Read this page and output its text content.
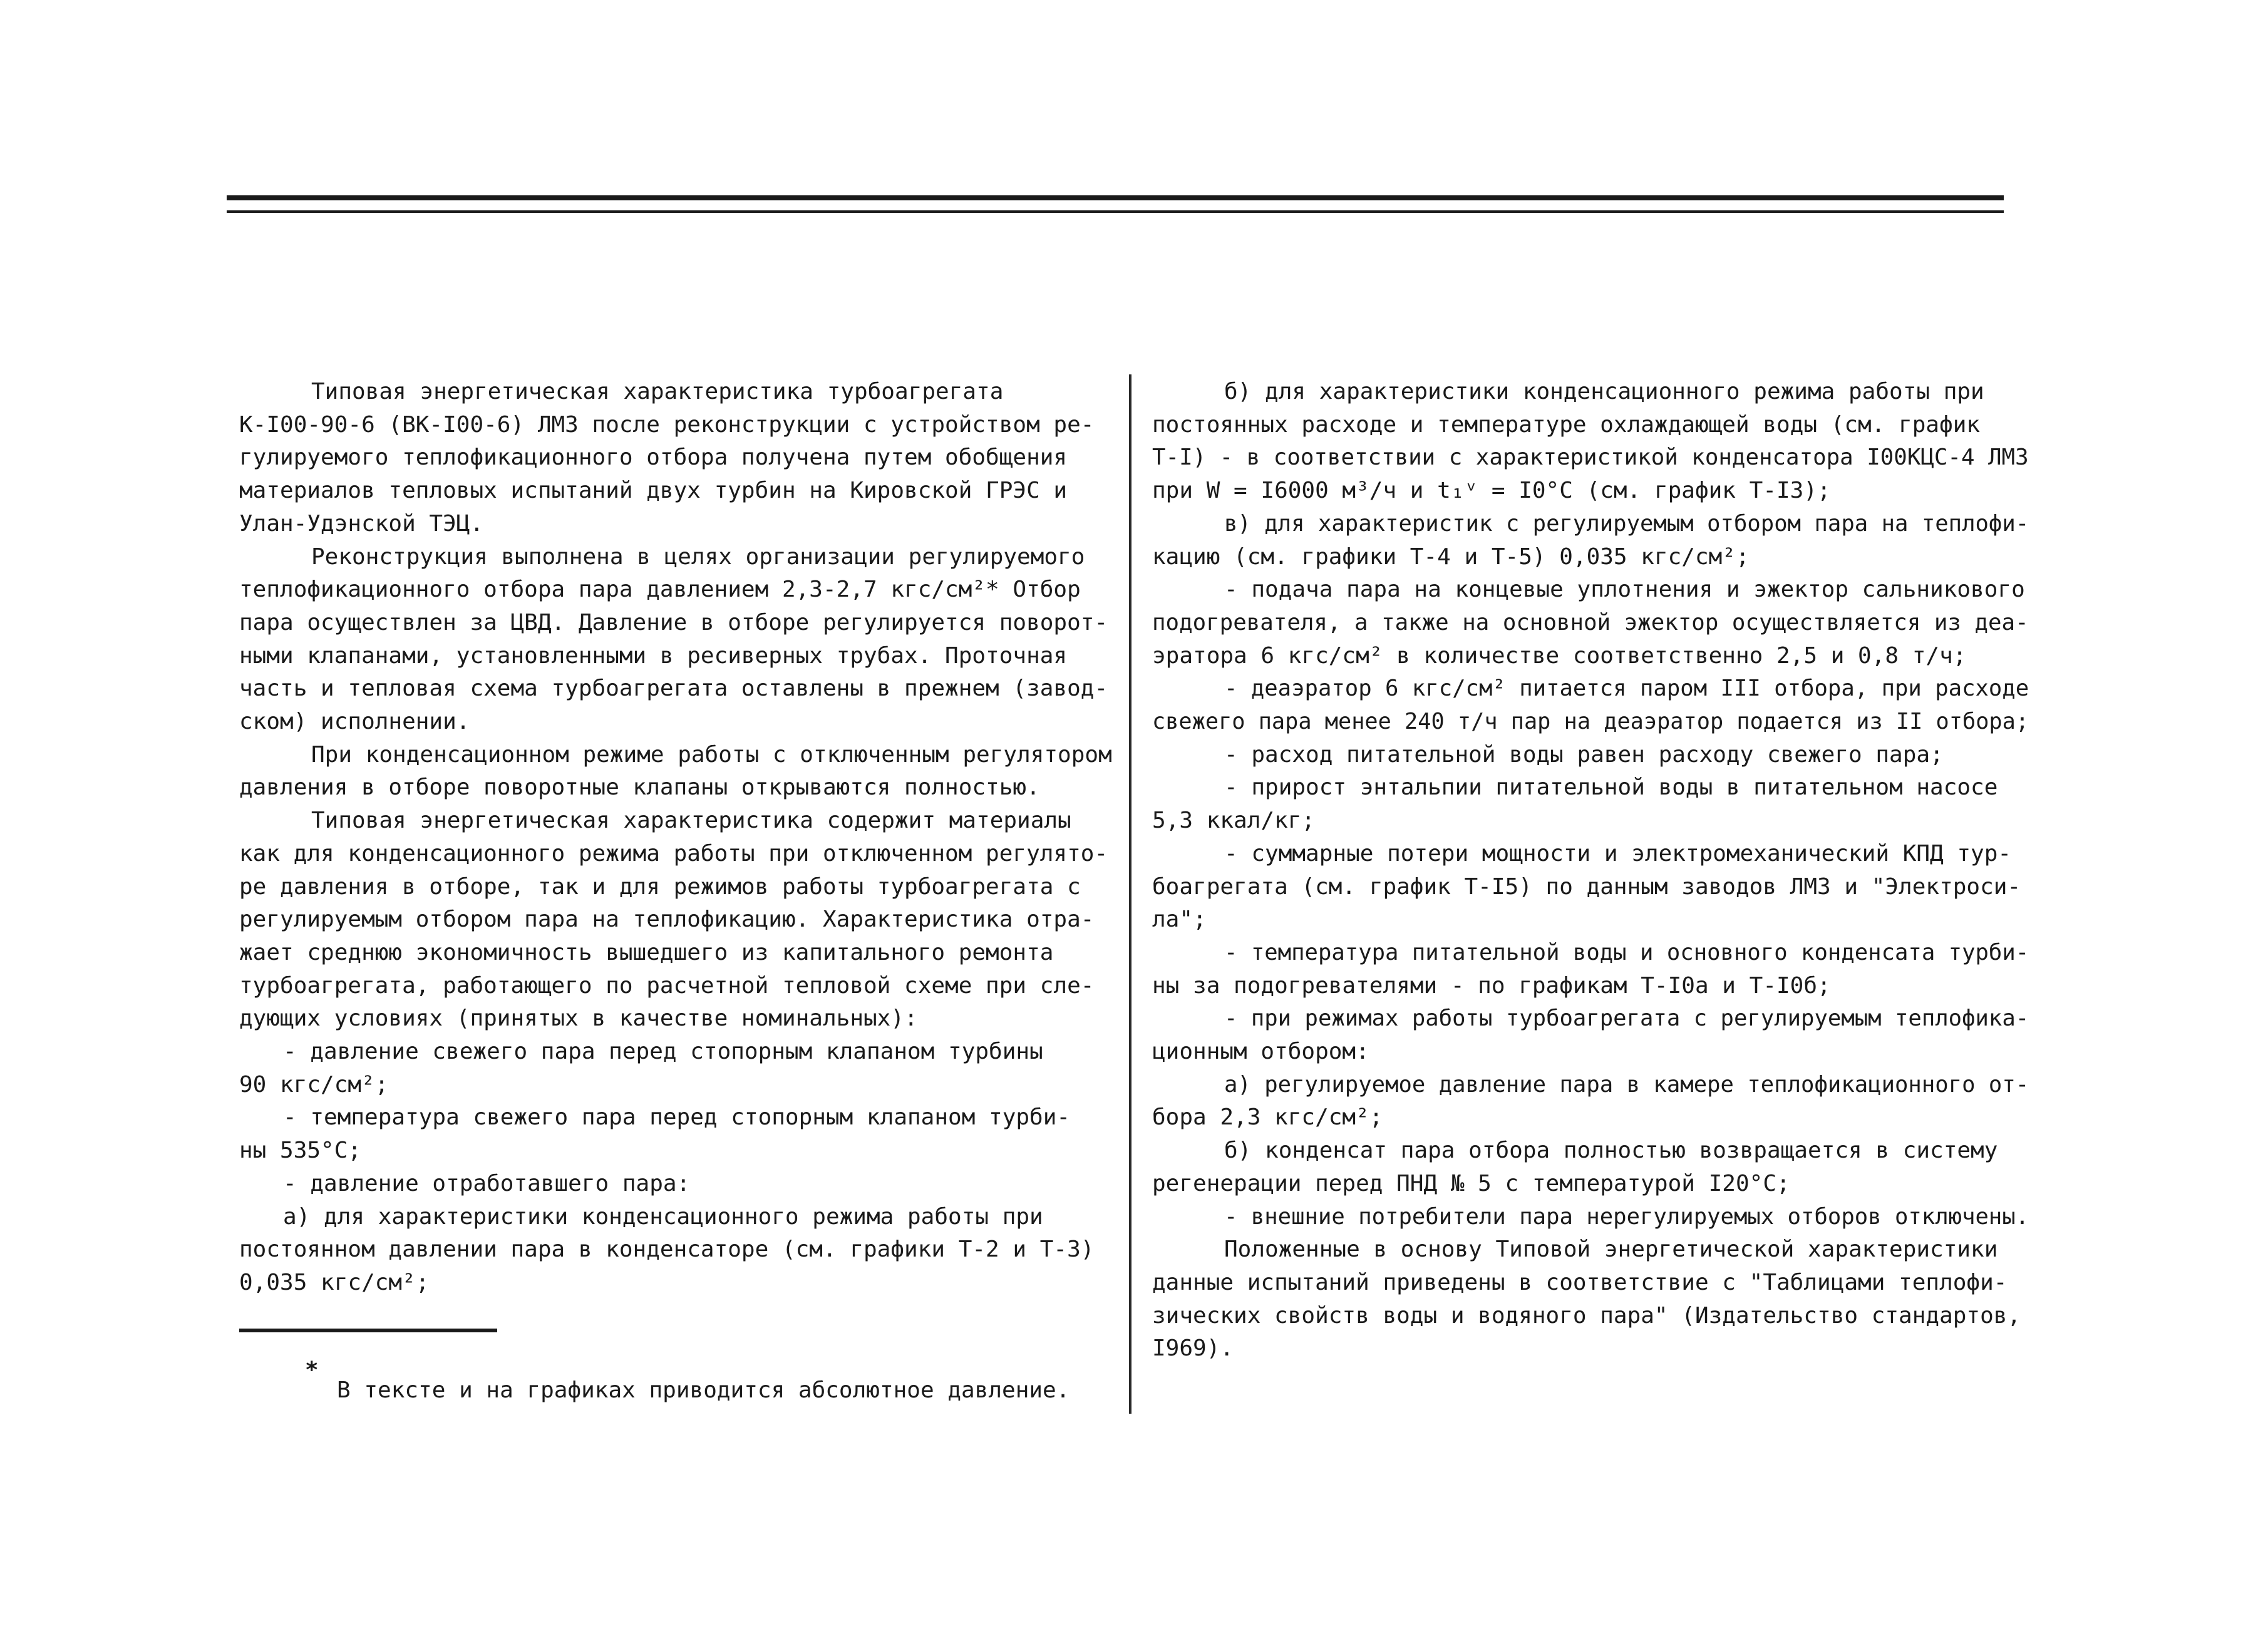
Типовая энергетическая характеристика турбоагрегата

К-I00-90-6 (ВК-I00-6) ЛМЗ после реконструкции с устройством ре-

гулируемого теплофикационного отбора получена путем обобщения

материалов тепловых испытаний двух турбин на Кировской ГРЭС и

Улан-Удэнской ТЭЦ.

Реконструкция выполнена в целях организации регулируемого

теплофикационного отбора пара давлением 2,3-2,7 кгс/см²* Отбор

пара осуществлен за ЦВД. Давление в отборе регулируется поворот-

ными клапанами, установленными в ресиверных трубах. Проточная

часть и тепловая схема турбоагрегата оставлены в прежнем (завод-

ском) исполнении.

При конденсационном режиме работы с отключенным регулятором

давления в отборе поворотные клапаны открываются полностью.

Типовая энергетическая характеристика содержит материалы

как для конденсационного режима работы при отключенном регулято-

ре давления в отборе, так и для режимов работы турбоагрегата с

регулируемым отбором пара на теплофикацию. Характеристика отра-

жает среднюю экономичность вышедшего из капитального ремонта

турбоагрегата, работающего по расчетной тепловой схеме при сле-

дующих условиях (принятых в качестве номинальных):

- давление свежего пара перед стопорным клапаном турбины

90 кгс/см²;

- температура свежего пара перед стопорным клапаном турби-

ны 535°С;

- давление отработавшего пара:

а) для характеристики конденсационного режима работы при

постоянном давлении пара в конденсаторе (см. графики Т-2 и Т-3)

0,035 кгс/см²;

б) для характеристики конденсационного режима работы при

постоянных расходе и температуре охлаждающей воды (см. график

Т-I) - в соответствии с характеристикой конденсатора I00КЦС-4 ЛМЗ

при W = I6000 м³/ч и t₁ᵛ = I0°С (см. график Т-I3);

в) для характеристик с регулируемым отбором пара на теплофи-

кацию (см. графики Т-4 и Т-5) 0,035 кгс/см²;

- подача пара на концевые уплотнения и эжектор сальникового

подогревателя, а также на основной эжектор осуществляется из деа-

эратора 6 кгс/см² в количестве соответственно 2,5 и 0,8 т/ч;

- деаэратор 6 кгс/см² питается паром III отбора, при расходе

свежего пара менее 240 т/ч пар на деаэратор подается из II отбора;

- расход питательной воды равен расходу свежего пара;

- прирост энтальпии питательной воды в питательном насосе

5,3 ккал/кг;

- суммарные потери мощности и электромеханический КПД тур-

боагрегата (см. график Т-I5) по данным заводов ЛМЗ и "Электроси-

ла";

- температура питательной воды и основного конденсата турби-

ны за подогревателями - по графикам Т-I0а и Т-I0б;

- при режимах работы турбоагрегата с регулируемым теплофика-

ционным отбором:

а) регулируемое давление пара в камере теплофикационного от-

бора 2,3 кгс/см²;

б) конденсат пара отбора полностью возвращается в систему

регенерации перед ПНД № 5 с температурой I20°С;

- внешние потребители пара нерегулируемых отборов отключены.

Положенные в основу Типовой энергетической характеристики

данные испытаний приведены в соответствие с "Таблицами теплофи-

зических свойств воды и водяного пара" (Издательство стандартов,

I969).

*
В тексте и на графиках приводится абсолютное давление.
